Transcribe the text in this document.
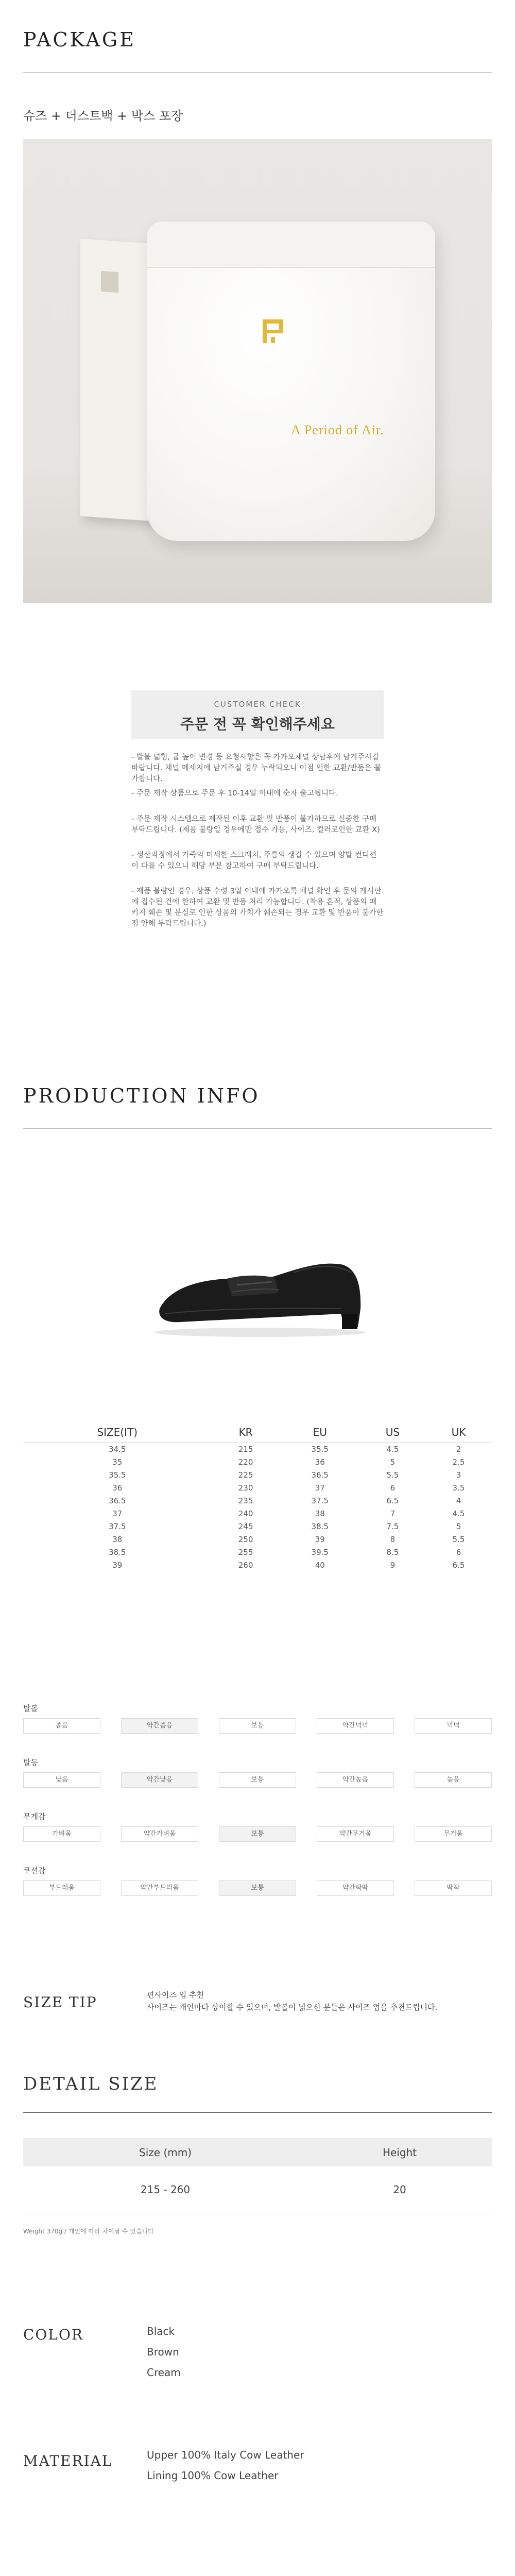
PACKAGE
슈즈 + 더스트백 + 박스 포장
A Period of Air.
CUSTOMER CHECK
주문 전 꼭 확인해주세요
- 발볼 넓힘, 굽 높이 변경 등 요청사항은 꼭 카카오채널 상담후에 남겨주시길 바랍니다. 채널 메세지에 남겨주실 경우 누락되오니 이점 인한 교환/반품은 불가합니다.
- 주문 제작 상품으로 주문 후 10-14일 이내에 순차 출고됩니다.
- 주문 제작 시스템으로 제작된 이후 교환 및 반품이 불가하므로 신중한 구매 부탁드립니다. (제품 불량일 경우에만 접수 가능, 사이즈, 컬러로인한 교환 X)
- 생산과정에서 가죽의 미세한 스크래치, 주름의 생길 수 있으며 양발 컨디션이 다를 수 있으니 해당 부분 참고하여 구매 부탁드립니다.
- 제품 불량인 경우, 상품 수령 3일 이내에 카카오톡 채널 확인 후 문의 게시판에 접수된 건에 한하여 교환 및 반품 처리 가능합니다. (착용 흔적, 상품의 패키지 훼손 및 분실로 인한 상품의 가치가 훼손되는 경우 교환 및 반품이 불가한 점 양해 부탁드립니다.)
PRODUCTION INFO
SIZE(IT)	KR	EU	US	UK
34.5	215	35.5	4.5	2
35	220	36	5	2.5
35.5	225	36.5	5.5	3
36	230	37	6	3.5
36.5	235	37.5	6.5	4
37	240	38	7	4.5
37.5	245	38.5	7.5	5
38	250	39	8	5.5
38.5	255	39.5	8.5	6
39	260	40	9	6.5
발볼
좁음	약간좁음	보통	약간넉넉	넉넉
발등
낮음	약간낮음	보통	약간높음	높음
무게감
가벼움	약간가벼움	보통	약간무거움	무거움
쿠션감
부드러움	약간부드러움	보통	약간딱딱	딱딱
SIZE TIP	편사이즈 업 추천
사이즈는 개인마다 상이할 수 있으며, 발볼이 넓으신 분들은 사이즈 업을 추천드립니다.
DETAIL SIZE
Size (mm)	Height
215 - 260	20
Weight 370g / 개인에 따라 차이날 수 있습니다
COLOR	Black
Brown
Cream
MATERIAL	Upper 100% Italy Cow Leather
Lining 100% Cow Leather
